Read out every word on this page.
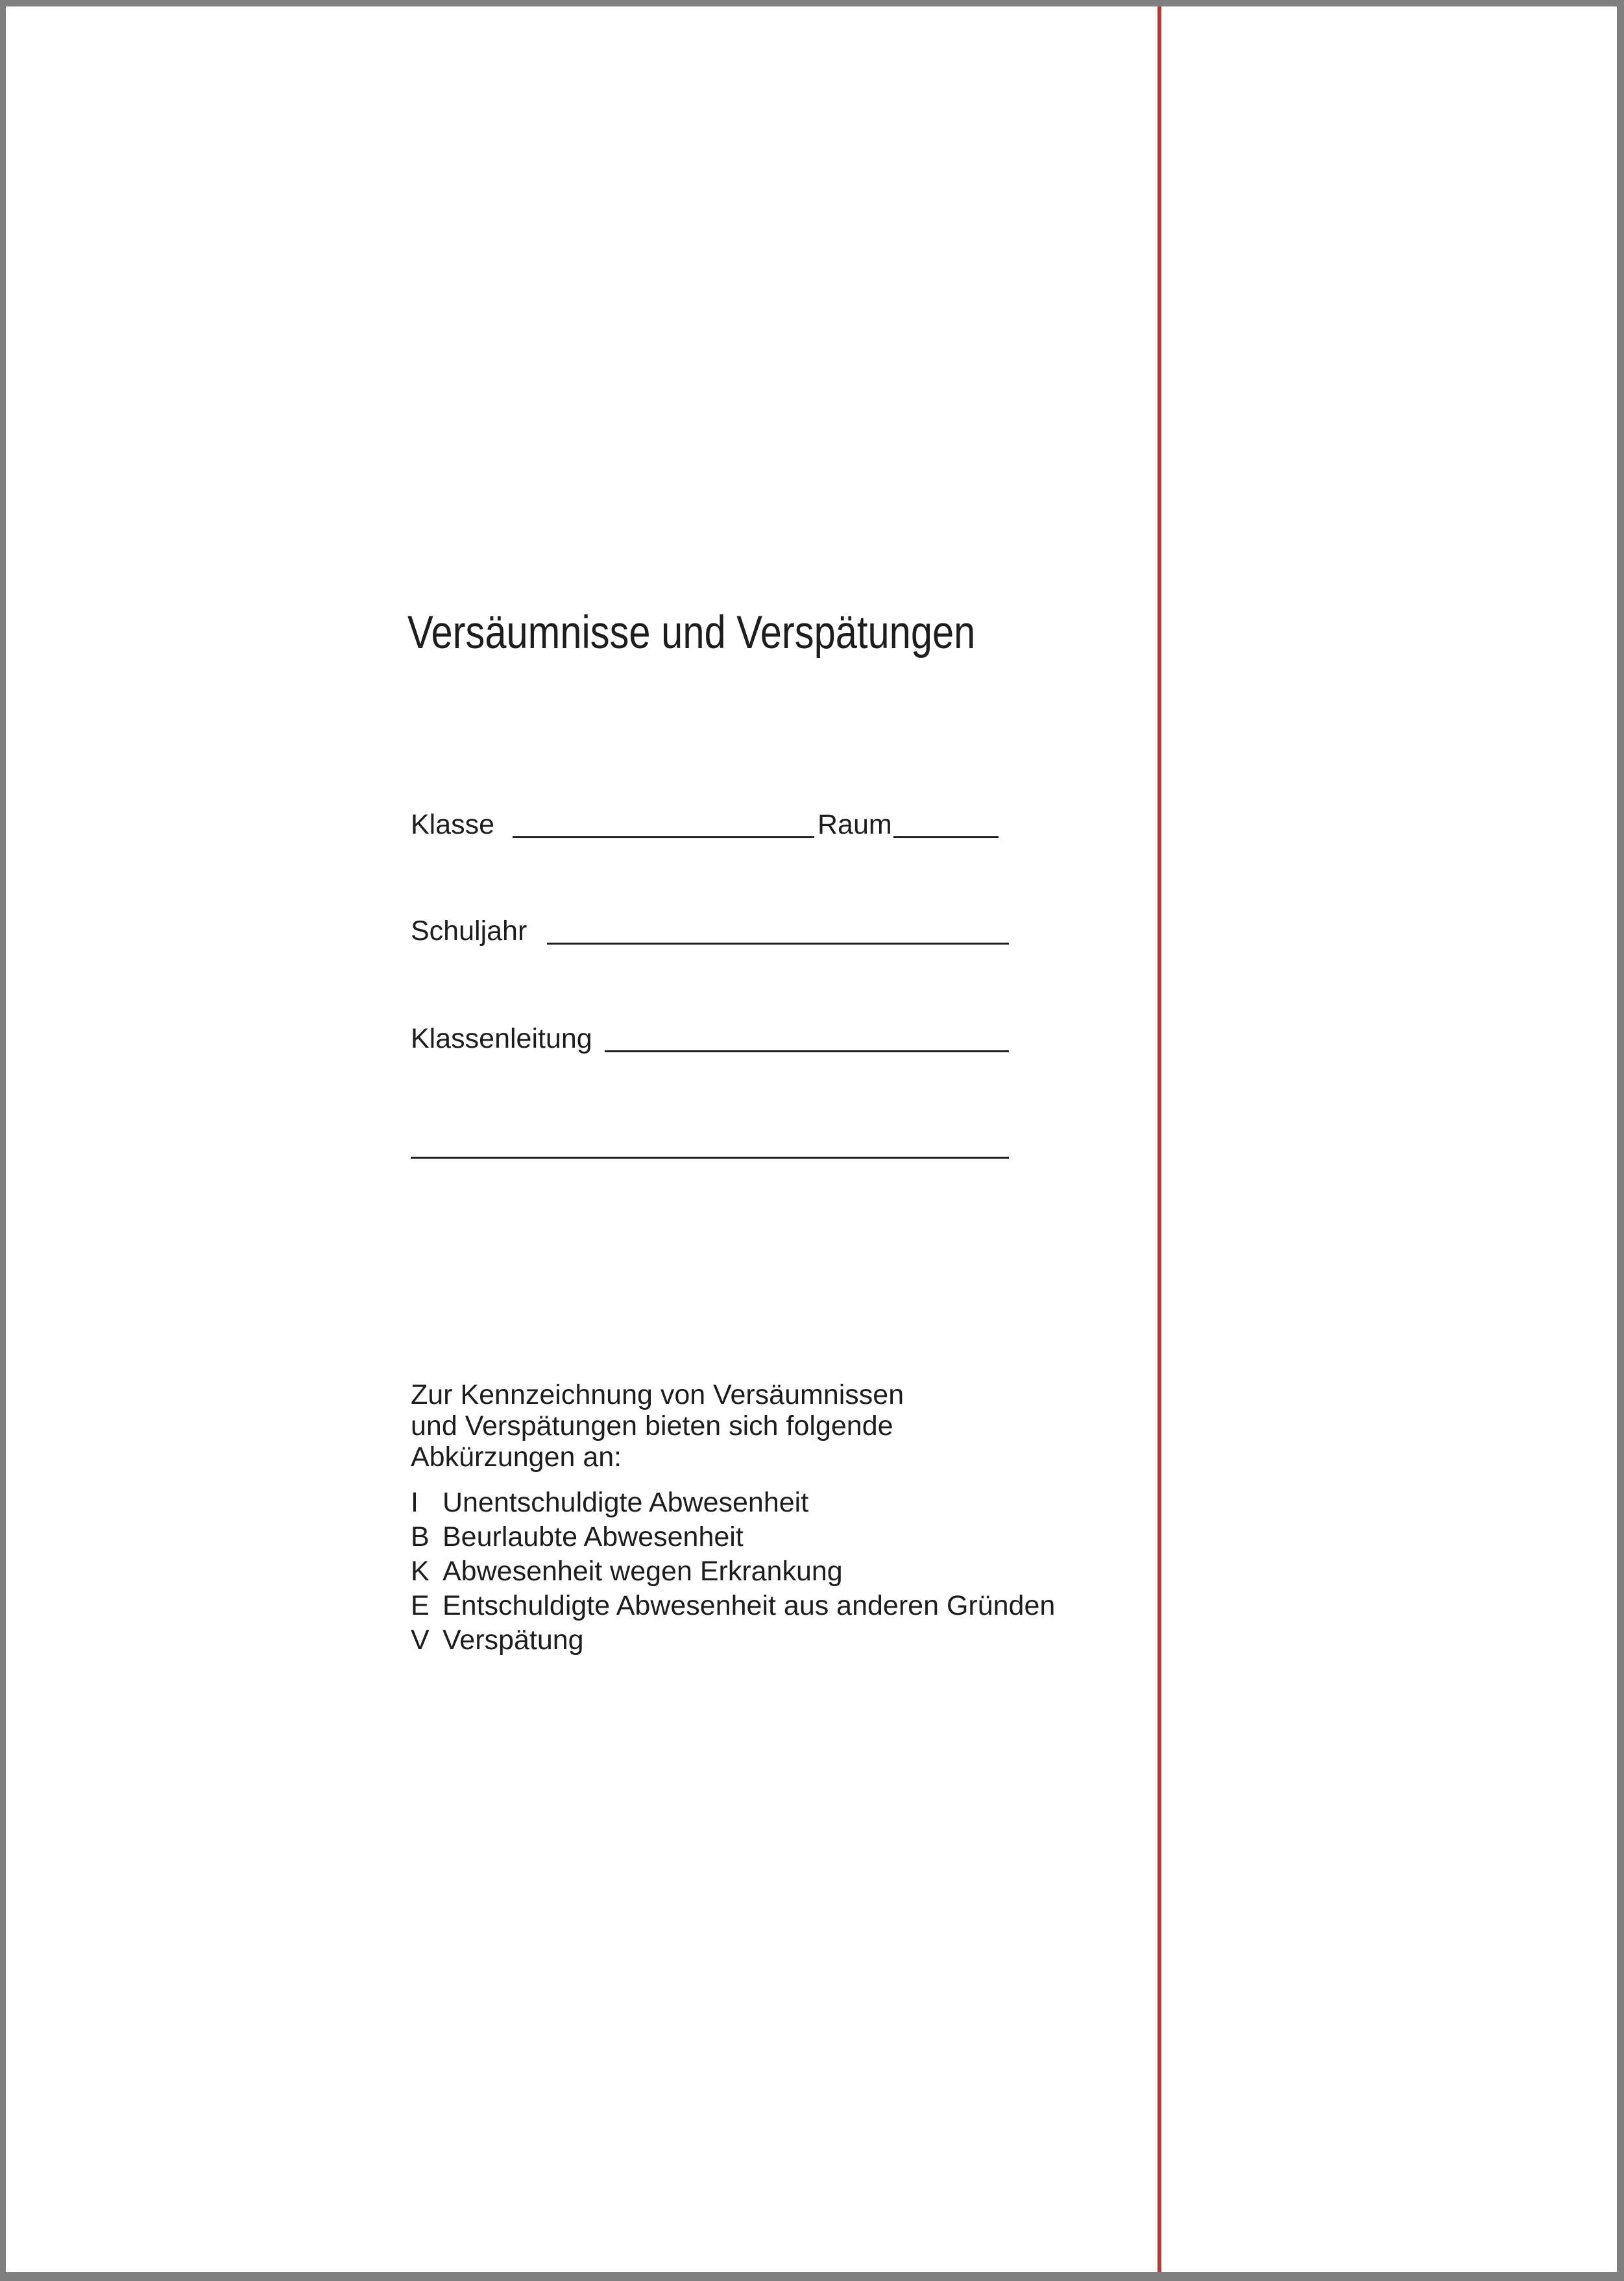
Versäumnisse und Verspätungen
Klasse	Raum
Schuljahr
Klassenleitung
Zur Kennzeichnung von Versäumnissen
und Verspätungen bieten sich folgende
Abkürzungen an:
I Unentschuldigte Abwesenheit
B Beurlaubte Abwesenheit
K Abwesenheit wegen Erkrankung
E Entschuldigte Abwesenheit aus anderen Gründen
V Verspätung
